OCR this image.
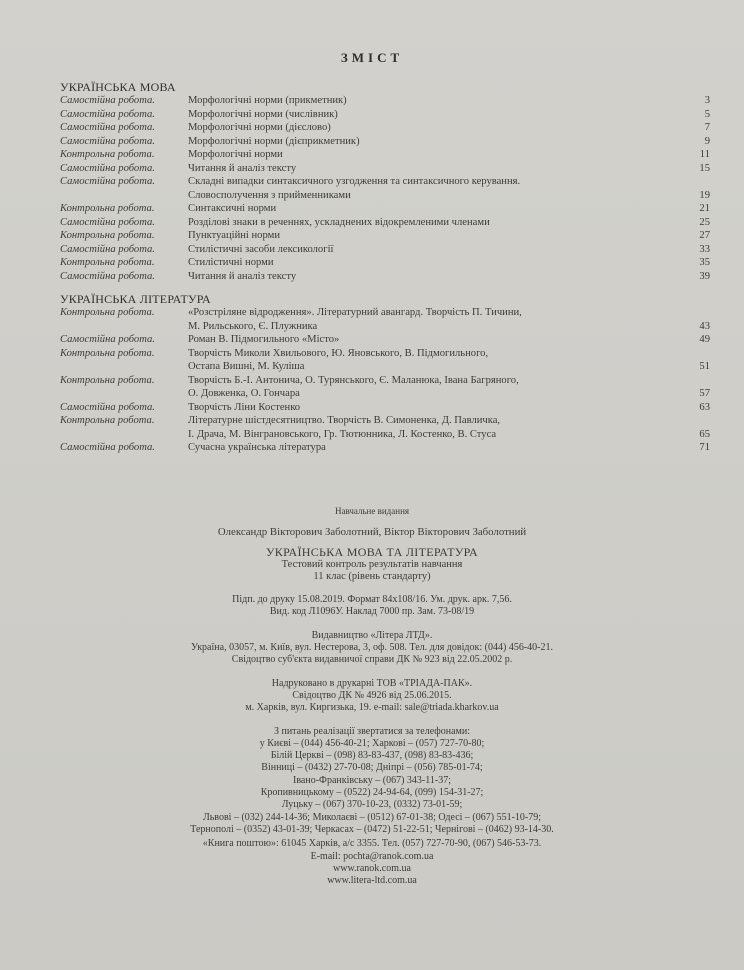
ЗМІСТ
УКРАЇНСЬКА МОВА
Самостійна робота.	Морфологічні норми (прикметник)	3
Самостійна робота.	Морфологічні норми (числівник)	5
Самостійна робота.	Морфологічні норми (дієслово)	7
Самостійна робота.	Морфологічні норми (дієприкметник)	9
Контрольна робота.	Морфологічні норми	11
Самостійна робота.	Читання й аналіз тексту	15
Самостійна робота.	Складні випадки синтаксичного узгодження та синтаксичного керування.
Словосполучення з прийменниками	19
Контрольна робота.	Синтаксичні норми	21
Самостійна робота.	Розділові знаки в реченнях, ускладнених відокремленими членами	25
Контрольна робота.	Пунктуаційні норми	27
Самостійна робота.	Стилістичні засоби лексикології	33
Контрольна робота.	Стилістичні норми	35
Самостійна робота.	Читання й аналіз тексту	39
УКРАЇНСЬКА ЛІТЕРАТУРА
Контрольна робота.	«Розстріляне відродження». Літературний авангард. Творчість П. Тичини,
М. Рильського, Є. Плужника	43
Самостійна робота.	Роман В. Підмогильного «Місто»	49
Контрольна робота.	Творчість Миколи Хвильового, Ю. Яновського, В. Підмогильного,
Остапа Вишні, М. Куліша	51
Контрольна робота.	Творчість Б.-І. Антонича, О. Турянського, Є. Маланюка, Івана Багряного,
О. Довженка, О. Гончара	57
Самостійна робота.	Творчість Ліни Костенко	63
Контрольна робота.	Літературне шістдесятництво. Творчість В. Симоненка, Д. Павличка,
І. Драча, М. Вінграновського, Гр. Тютюнника, Л. Костенко, В. Стуса	65
Самостійна робота.	Сучасна українська література	71
Навчальне видання
Олександр Вікторович Заболотний, Віктор Вікторович Заболотний
УКРАЇНСЬКА МОВА ТА ЛІТЕРАТУРА
Тестовий контроль результатів навчання
11 клас (рівень стандарту)
Підп. до друку 15.08.2019. Формат 84x108/16. Ум. друк. арк. 7,56.
Вид. код Л1096У. Наклад 7000 пр. Зам. 73-08/19
Видавництво «Літера ЛТД».
Україна, 03057, м. Київ, вул. Нестерова, 3, оф. 508. Тел. для довідок: (044) 456-40-21.
Свідоцтво суб'єкта видавничої справи ДК № 923 від 22.05.2002 р.
Надруковано в друкарні ТОВ «ТРІАДА-ПАК».
Свідоцтво ДК № 4926 від 25.06.2015.
м. Харків, вул. Киргизька, 19. e-mail: sale@triada.kharkov.ua
З питань реалізації звертатися за телефонами:
у Києві – (044) 456-40-21; Харкові – (057) 727-70-80;
Білій Церкві – (098) 83-83-437, (098) 83-83-436;
Вінниці – (0432) 27-70-08; Дніпрі – (056) 785-01-74;
Івано-Франківську – (067) 343-11-37;
Кропивницькому – (0522) 24-94-64, (099) 154-31-27;
Луцьку – (067) 370-10-23, (0332) 73-01-59;
Львові – (032) 244-14-36; Миколаєві – (0512) 67-01-38; Одесі – (067) 551-10-79;
Тернополі – (0352) 43-01-39; Черкасах – (0472) 51-22-51; Чернігові – (0462) 93-14-30.
«Книга поштою»: 61045 Харків, а/с 3355. Тел. (057) 727-70-90, (067) 546-53-73.
E-mail: pochta@ranok.com.ua
www.ranok.com.ua
www.litera-ltd.com.ua
